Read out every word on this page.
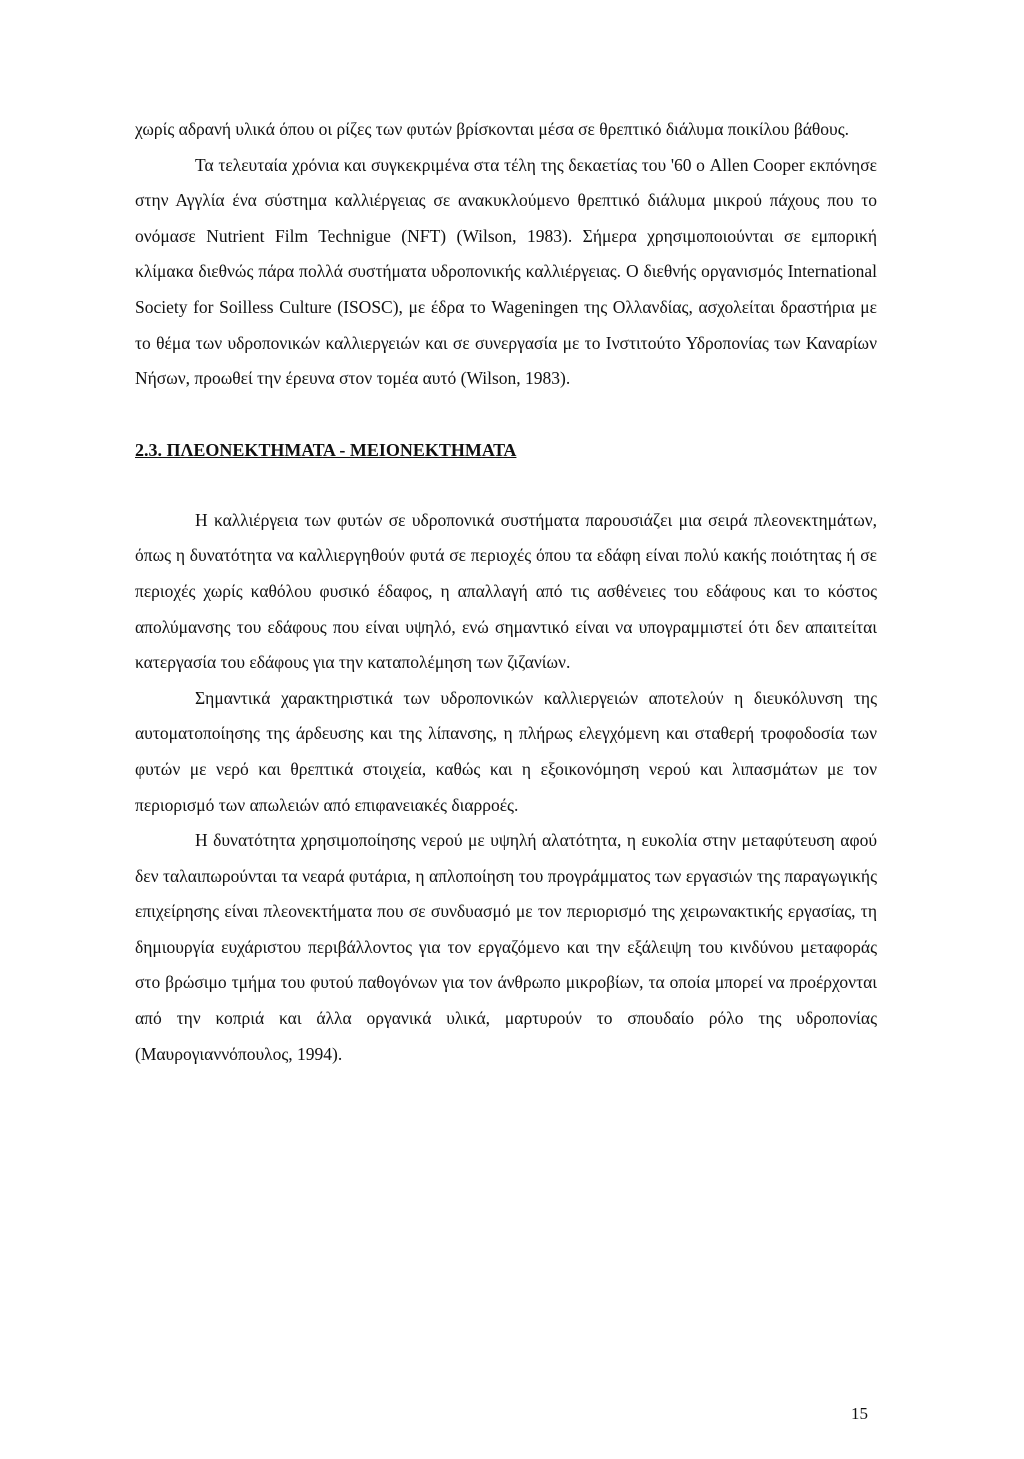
χωρίς αδρανή υλικά όπου οι ρίζες των φυτών βρίσκονται μέσα σε θρεπτικό διάλυμα ποικίλου βάθους.

Τα τελευταία χρόνια και συγκεκριμένα στα τέλη της δεκαετίας του '60 ο Allen Cooper εκπόνησε στην Αγγλία ένα σύστημα καλλιέργειας σε ανακυκλούμενο θρεπτικό διάλυμα μικρού πάχους που το ονόμασε Nutrient Film Technigue (NFT) (Wilson, 1983). Σήμερα χρησιμοποιούνται σε εμπορική κλίμακα διεθνώς πάρα πολλά συστήματα υδροπονικής καλλιέργειας. Ο διεθνής οργανισμός International Society for Soilless Culture (ISOSC), με έδρα το Wageningen της Ολλανδίας, ασχολείται δραστήρια με το θέμα των υδροπονικών καλλιεργειών και σε συνεργασία με το Ινστιτούτο Υδροπονίας των Καναρίων Νήσων, προωθεί την έρευνα στον τομέα αυτό (Wilson, 1983).

2.3. ΠΛΕΟΝΕΚΤΗΜΑΤΑ - ΜΕΙΟΝΕΚΤΗΜΑΤΑ

Η καλλιέργεια των φυτών σε υδροπονικά συστήματα παρουσιάζει μια σειρά πλεονεκτημάτων, όπως η δυνατότητα να καλλιεργηθούν φυτά σε περιοχές όπου τα εδάφη είναι πολύ κακής ποιότητας ή σε περιοχές χωρίς καθόλου φυσικό έδαφος, η απαλλαγή από τις ασθένειες του εδάφους και το κόστος απολύμανσης του εδάφους που είναι υψηλό, ενώ σημαντικό είναι να υπογραμμιστεί ότι δεν απαιτείται κατεργασία του εδάφους για την καταπολέμηση των ζιζανίων.

Σημαντικά χαρακτηριστικά των υδροπονικών καλλιεργειών αποτελούν η διευκόλυνση της αυτοματοποίησης της άρδευσης και της λίπανσης, η πλήρως ελεγχόμενη και σταθερή τροφοδοσία των φυτών με νερό και θρεπτικά στοιχεία, καθώς και η εξοικονόμηση νερού και λιπασμάτων με τον περιορισμό των απωλειών από επιφανειακές διαρροές.

Η δυνατότητα χρησιμοποίησης νερού με υψηλή αλατότητα, η ευκολία στην μεταφύτευση αφού δεν ταλαιπωρούνται τα νεαρά φυτάρια, η απλοποίηση του προγράμματος των εργασιών της παραγωγικής επιχείρησης είναι πλεονεκτήματα που σε συνδυασμό με τον περιορισμό της χειρωνακτικής εργασίας, τη δημιουργία ευχάριστου περιβάλλοντος για τον εργαζόμενο και την εξάλειψη του κινδύνου μεταφοράς στο βρώσιμο τμήμα του φυτού παθογόνων για τον άνθρωπο μικροβίων, τα οποία μπορεί να προέρχονται από την κοπριά και άλλα οργανικά υλικά, μαρτυρούν το σπουδαίο ρόλο της υδροπονίας (Μαυρογιαννόπουλος, 1994).

15
